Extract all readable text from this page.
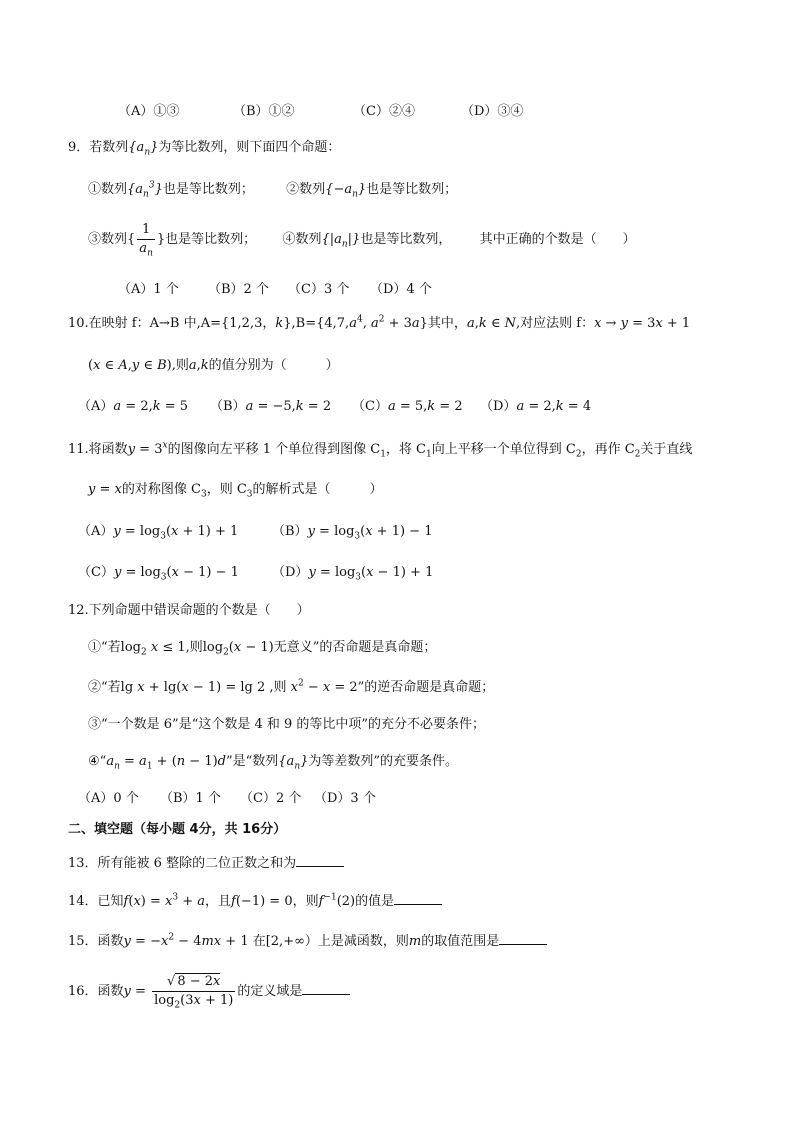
（A）①③	（B）①②	（C）②④	（D）③④
9．若数列$\{a_n\}$为等比数列，则下面四个命题：
①数列$\{a_n^3\}$也是等比数列； ②数列$\{-a_n\}$也是等比数列；
③数列{ $\frac{1}{a_n}$ }也是等比数列； ④数列$\{|a_n|\}$也是等比数列， 其中正确的个数是（　　）
（A）1 个 （B）2 个 （C）3 个 （D）4 个
10.在映射 f：A→B 中,A={1,2,3，$k\},B=\{4,7,a^4$, $a^2 + 3a$}其中，a,k ∈ N,对应法则 f：x → y = 3x + 1
(x ∈ A,y ∈ B),则a,k的值分别为（　　　）
（A）a = 2,k = 5 （B）a = −5,k = 2 （C）a = 5,k = 2 （D）a = 2,k = 4
11.将函数$y = 3^x$的图像向左平移 1 个单位得到图像 $C_1$，将 $C_1$向上平移一个单位得到 $C_2$，再作 $C_2$关于直线
y = x的对称图像 $C_3$，则 $C_3$的解析式是（　　　）
$(A)y = \log_3(x + 1) + 1$	$(B)y = \log_3(x + 1) - 1$
$(C)y = \log_3(x - 1) - 1$	$(D)y = \log_3(x - 1) + 1$
12.下列命题中错误命题的个数是（　　）
①“若$\log_2 x \le 1$,则$\log_2(x - 1)$无意义”的否命题是真命题；
②“若lg x + lg(x − 1) = lg 2 ,则 $x^2 - x = 2$”的逆否命题是真命题；
③“一个数是 6”是“这个数是 4 和 9 的等比中项”的充分不必要条件；
$④“a_n = a_1 + (n - 1)d$”是“数列$\{a_n\}$为等差数列”的充要条件。
（A）0 个 （B）1 个 （C）2 个 （D）3 个
二、填空题（每小题 4分，共 16分）
13．所有能被 6 整除的二位正数之和为
14．已知$f(x) = x^3 + a$，且f(−1) = 0，则$f^{-1}(2)$的值是
15．函数$y = -x^2 - 4mx + 1$ 在[2,+∞）上是减函数，则m的取值范围是
16．函数$y = \frac{√ 8 - 2x}{\log_2(3x + 1)}$ 的定义域是
